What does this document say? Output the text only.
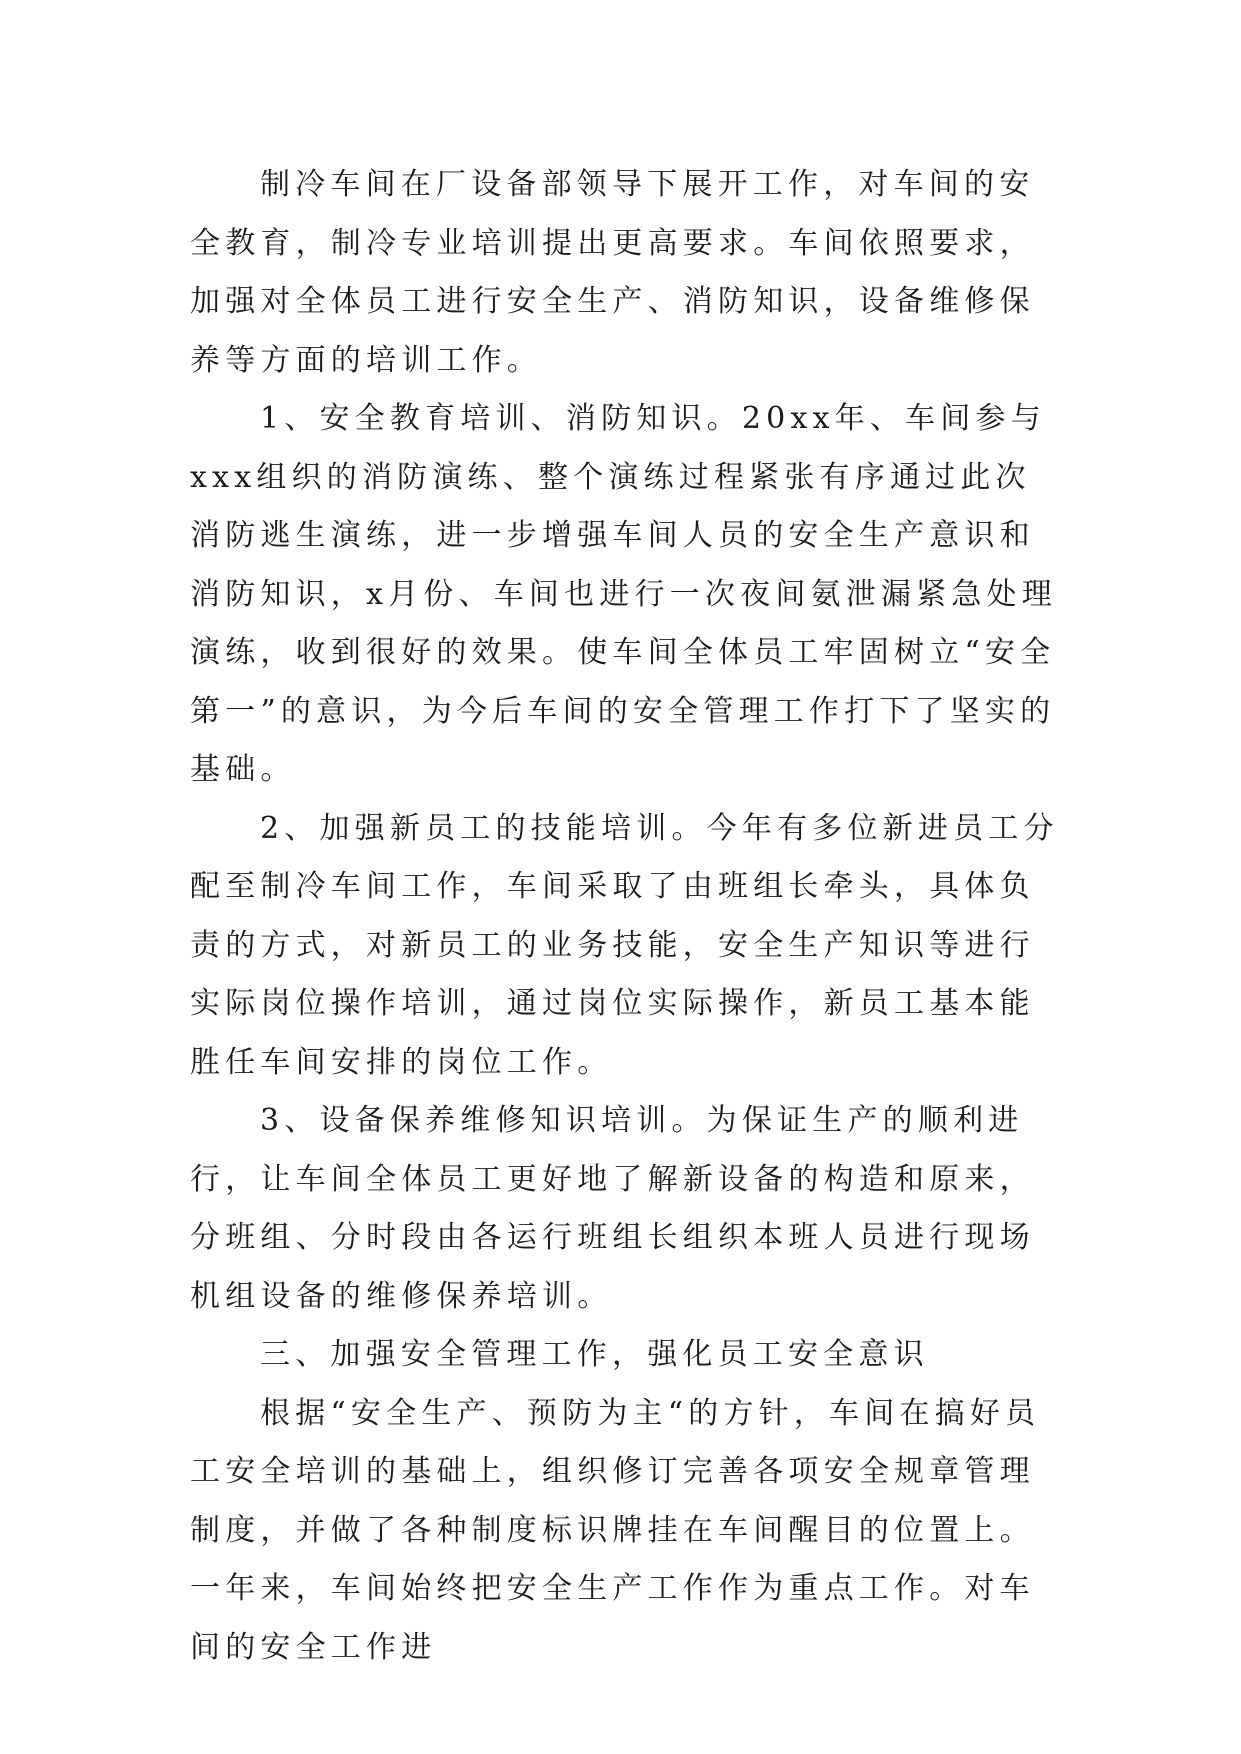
制冷车间在厂设备部领导下展开工作，对车间的安全教育，制冷专业培训提出更高要求。车间依照要求，加强对全体员工进行安全生产、消防知识，设备维修保养等方面的培训工作。

1、安全教育培训、消防知识。20xx年、车间参与xxx组织的消防演练、整个演练过程紧张有序通过此次消防逃生演练，进一步增强车间人员的安全生产意识和消防知识，x月份、车间也进行一次夜间氨泄漏紧急处理演练，收到很好的效果。使车间全体员工牢固树立“安全第一”的意识，为今后车间的安全管理工作打下了坚实的基础。

2、加强新员工的技能培训。今年有多位新进员工分配至制冷车间工作，车间采取了由班组长牵头，具体负责的方式，对新员工的业务技能，安全生产知识等进行实际岗位操作培训，通过岗位实际操作，新员工基本能胜任车间安排的岗位工作。

3、设备保养维修知识培训。为保证生产的顺利进行，让车间全体员工更好地了解新设备的构造和原来，分班组、分时段由各运行班组长组织本班人员进行现场机组设备的维修保养培训。

三、加强安全管理工作，强化员工安全意识

根据“安全生产、预防为主“的方针，车间在搞好员工安全培训的基础上，组织修订完善各项安全规章管理制度，并做了各种制度标识牌挂在车间醒目的位置上。一年来，车间始终把安全生产工作作为重点工作。对车间的安全工作进
